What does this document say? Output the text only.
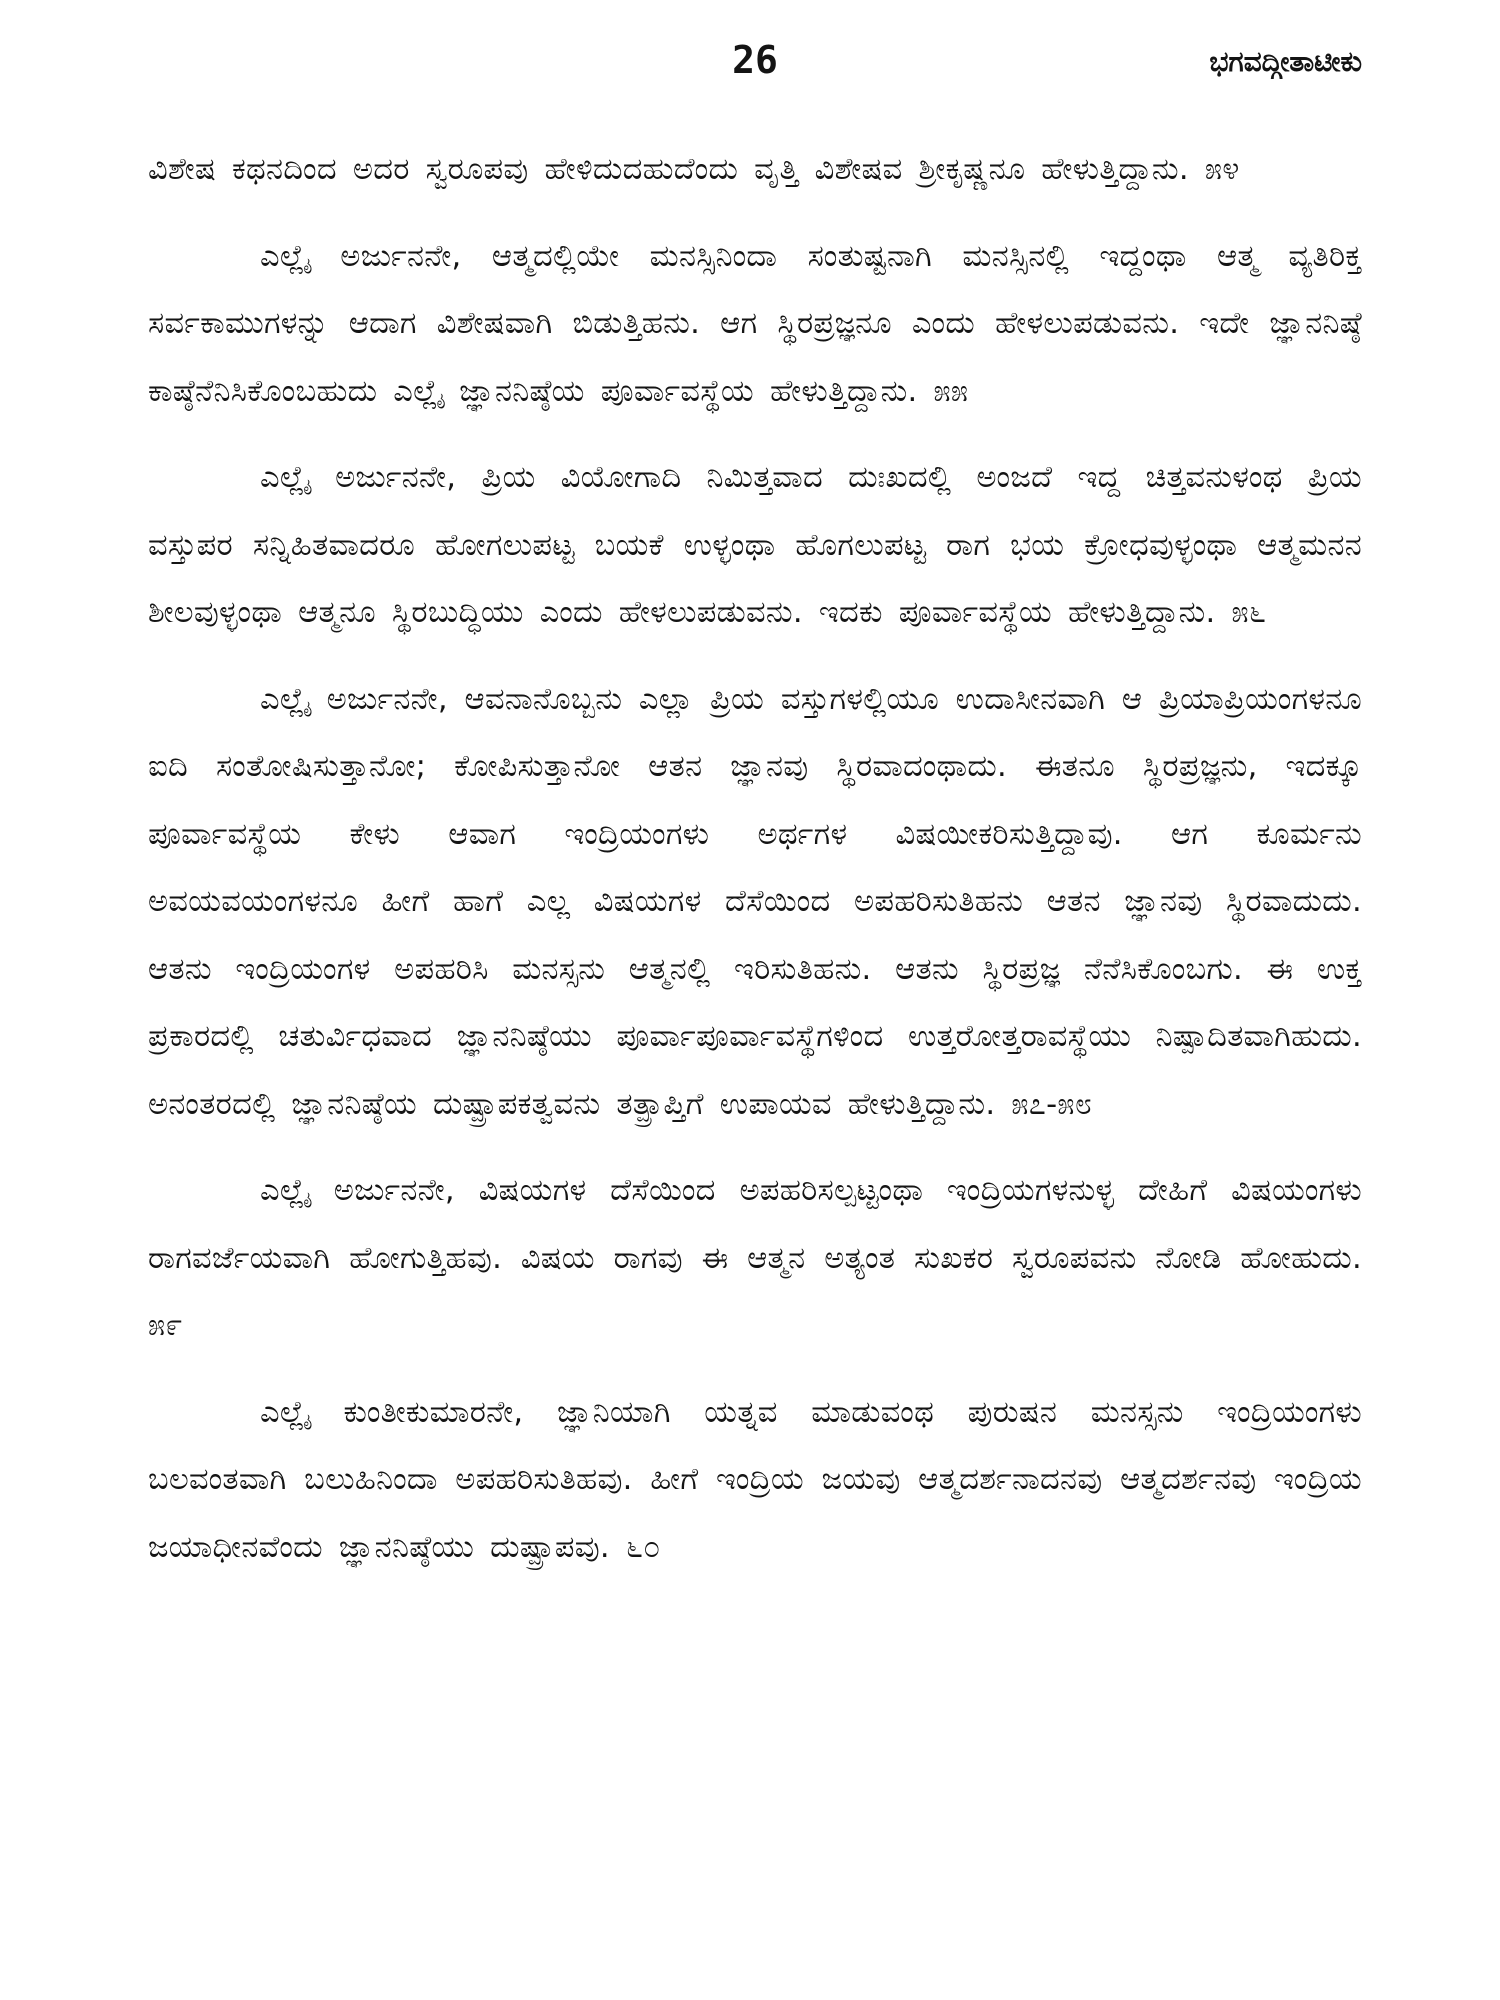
26	ಭಗವದ್ಗೀತಾಟೀಕು

ವಿಶೇಷ ಕಥನದಿಂದ ಅದರ ಸ್ವರೂಪವು ಹೇಳಿದುದಹುದೆಂದು ವೃತ್ತಿ ವಿಶೇಷವ ಶ್ರೀಕೃಷ್ಣನೂ ಹೇಳುತ್ತಿದ್ದಾನು. ೫೪

ಎಲ್ಲೈ ಅರ್ಜುನನೇ, ಆತ್ಮದಲ್ಲಿಯೇ ಮನಸ್ಸಿನಿಂದಾ ಸಂತುಷ್ಟನಾಗಿ ಮನಸ್ಸಿನಲ್ಲಿ ಇದ್ದಂಥಾ ಆತ್ಮ ವ್ಯತಿರಿಕ್ತ ಸರ್ವಕಾಮುಗಳನ್ನು ಆದಾಗ ವಿಶೇಷವಾಗಿ ಬಿಡುತ್ತಿಹನು. ಆಗ ಸ್ಥಿರಪ್ರಜ್ಞನೂ ಎಂದು ಹೇಳಲುಪಡುವನು. ಇದೇ ಜ್ಞಾನನಿಷ್ಠೆ ಕಾಷ್ಠೆನೆನಿಸಿಕೊಂಬಹುದು ಎಲ್ಲೈ ಜ್ಞಾನನಿಷ್ಠೆಯ ಪೂರ್ವಾವಸ್ಥೆಯ ಹೇಳುತ್ತಿದ್ದಾನು. ೫೫

ಎಲ್ಲೈ ಅರ್ಜುನನೇ, ಪ್ರಿಯ ವಿಯೋಗಾದಿ ನಿಮಿತ್ತವಾದ ದುಃಖದಲ್ಲಿ ಅಂಜದೆ ಇದ್ದ ಚಿತ್ತವನುಳಂಥ ಪ್ರಿಯ ವಸ್ತುಪರ ಸನ್ನಿಹಿತವಾದರೂ ಹೋಗಲುಪಟ್ಟ ಬಯಕೆ ಉಳ್ಳಂಥಾ ಹೊಗಲುಪಟ್ಟ ರಾಗ ಭಯ ಕ್ರೋಧವುಳ್ಳಂಥಾ ಆತ್ಮಮನನ ಶೀಲವುಳ್ಳಂಥಾ ಆತ್ಮನೂ ಸ್ಥಿರಬುದ್ಧಿಯು ಎಂದು ಹೇಳಲುಪಡುವನು. ಇದಕು ಪೂರ್ವಾವಸ್ಥೆಯ ಹೇಳುತ್ತಿದ್ದಾನು. ೫೬

ಎಲ್ಲೈ ಅರ್ಜುನನೇ, ಆವನಾನೊಬ್ಬನು ಎಲ್ಲಾ ಪ್ರಿಯ ವಸ್ತುಗಳಲ್ಲಿಯೂ ಉದಾಸೀನವಾಗಿ ಆ ಪ್ರಿಯಾಪ್ರಿಯಂಗಳನೂ ಐದಿ ಸಂತೋಷಿಸುತ್ತಾನೋ; ಕೋಪಿಸುತ್ತಾನೋ ಆತನ ಜ್ಞಾನವು ಸ್ಥಿರವಾದಂಥಾದು. ಈತನೂ ಸ್ಥಿರಪ್ರಜ್ಞನು, ಇದಕ್ಕೂ ಪೂರ್ವಾವಸ್ಥೆಯ ಕೇಳು ಆವಾಗ ಇಂದ್ರಿಯಂಗಳು ಅರ್ಥಗಳ ವಿಷಯೀಕರಿಸುತ್ತಿದ್ದಾವು. ಆಗ ಕೂರ್ಮನು ಅವಯವಯಂಗಳನೂ ಹೀಗೆ ಹಾಗೆ ಎಲ್ಲ ವಿಷಯಗಳ ದೆಸೆಯಿಂದ ಅಪಹರಿಸುತಿಹನು ಆತನ ಜ್ಞಾನವು ಸ್ಥಿರವಾದುದು. ಆತನು ಇಂದ್ರಿಯಂಗಳ ಅಪಹರಿಸಿ ಮನಸ್ಸನು ಆತ್ಮನಲ್ಲಿ ಇರಿಸುತಿಹನು. ಆತನು ಸ್ಥಿರಪ್ರಜ್ಞ ನೆನೆಸಿಕೊಂಬಗು. ಈ ಉಕ್ತ ಪ್ರಕಾರದಲ್ಲಿ ಚತುರ್ವಿಧವಾದ ಜ್ಞಾನನಿಷ್ಠೆಯು ಪೂರ್ವಾಪೂರ್ವಾವಸ್ಥೆಗಳಿಂದ ಉತ್ತರೋತ್ತರಾವಸ್ಥೆಯು ನಿಷ್ಪಾದಿತವಾಗಿಹುದು. ಅನಂತರದಲ್ಲಿ ಜ್ಞಾನನಿಷ್ಠೆಯ ದುಷ್ಪ್ರಾಪಕತ್ವವನು ತತ್ಪ್ರಾಪ್ತಿಗೆ ಉಪಾಯವ ಹೇಳುತ್ತಿದ್ದಾನು. ೫೭-೫೮

ಎಲ್ಲೈ ಅರ್ಜುನನೇ, ವಿಷಯಗಳ ದೆಸೆಯಿಂದ ಅಪಹರಿಸಲ್ಪಟ್ಟಂಥಾ ಇಂದ್ರಿಯಗಳನುಳ್ಳ ದೇಹಿಗೆ ವಿಷಯಂಗಳು ರಾಗವರ್ಜೆಯವಾಗಿ ಹೋಗುತ್ತಿಹವು. ವಿಷಯ ರಾಗವು ಈ ಆತ್ಮನ ಅತ್ಯಂತ ಸುಖಕರ ಸ್ವರೂಪವನು ನೋಡಿ ಹೋಹುದು. ೫೯

ಎಲ್ಲೈ ಕುಂತೀಕುಮಾರನೇ, ಜ್ಞಾನಿಯಾಗಿ ಯತ್ನವ ಮಾಡುವಂಥ ಪುರುಷನ ಮನಸ್ಸನು ಇಂದ್ರಿಯಂಗಳು ಬಲವಂತವಾಗಿ ಬಲುಹಿನಿಂದಾ ಅಪಹರಿಸುತಿಹವು. ಹೀಗೆ ಇಂದ್ರಿಯ ಜಯವು ಆತ್ಮದರ್ಶನಾದನವು ಆತ್ಮದರ್ಶನವು ಇಂದ್ರಿಯ ಜಯಾಧೀನವೆಂದು ಜ್ಞಾನನಿಷ್ಠೆಯು ದುಷ್ಪ್ರಾಪವು. ೬೦
